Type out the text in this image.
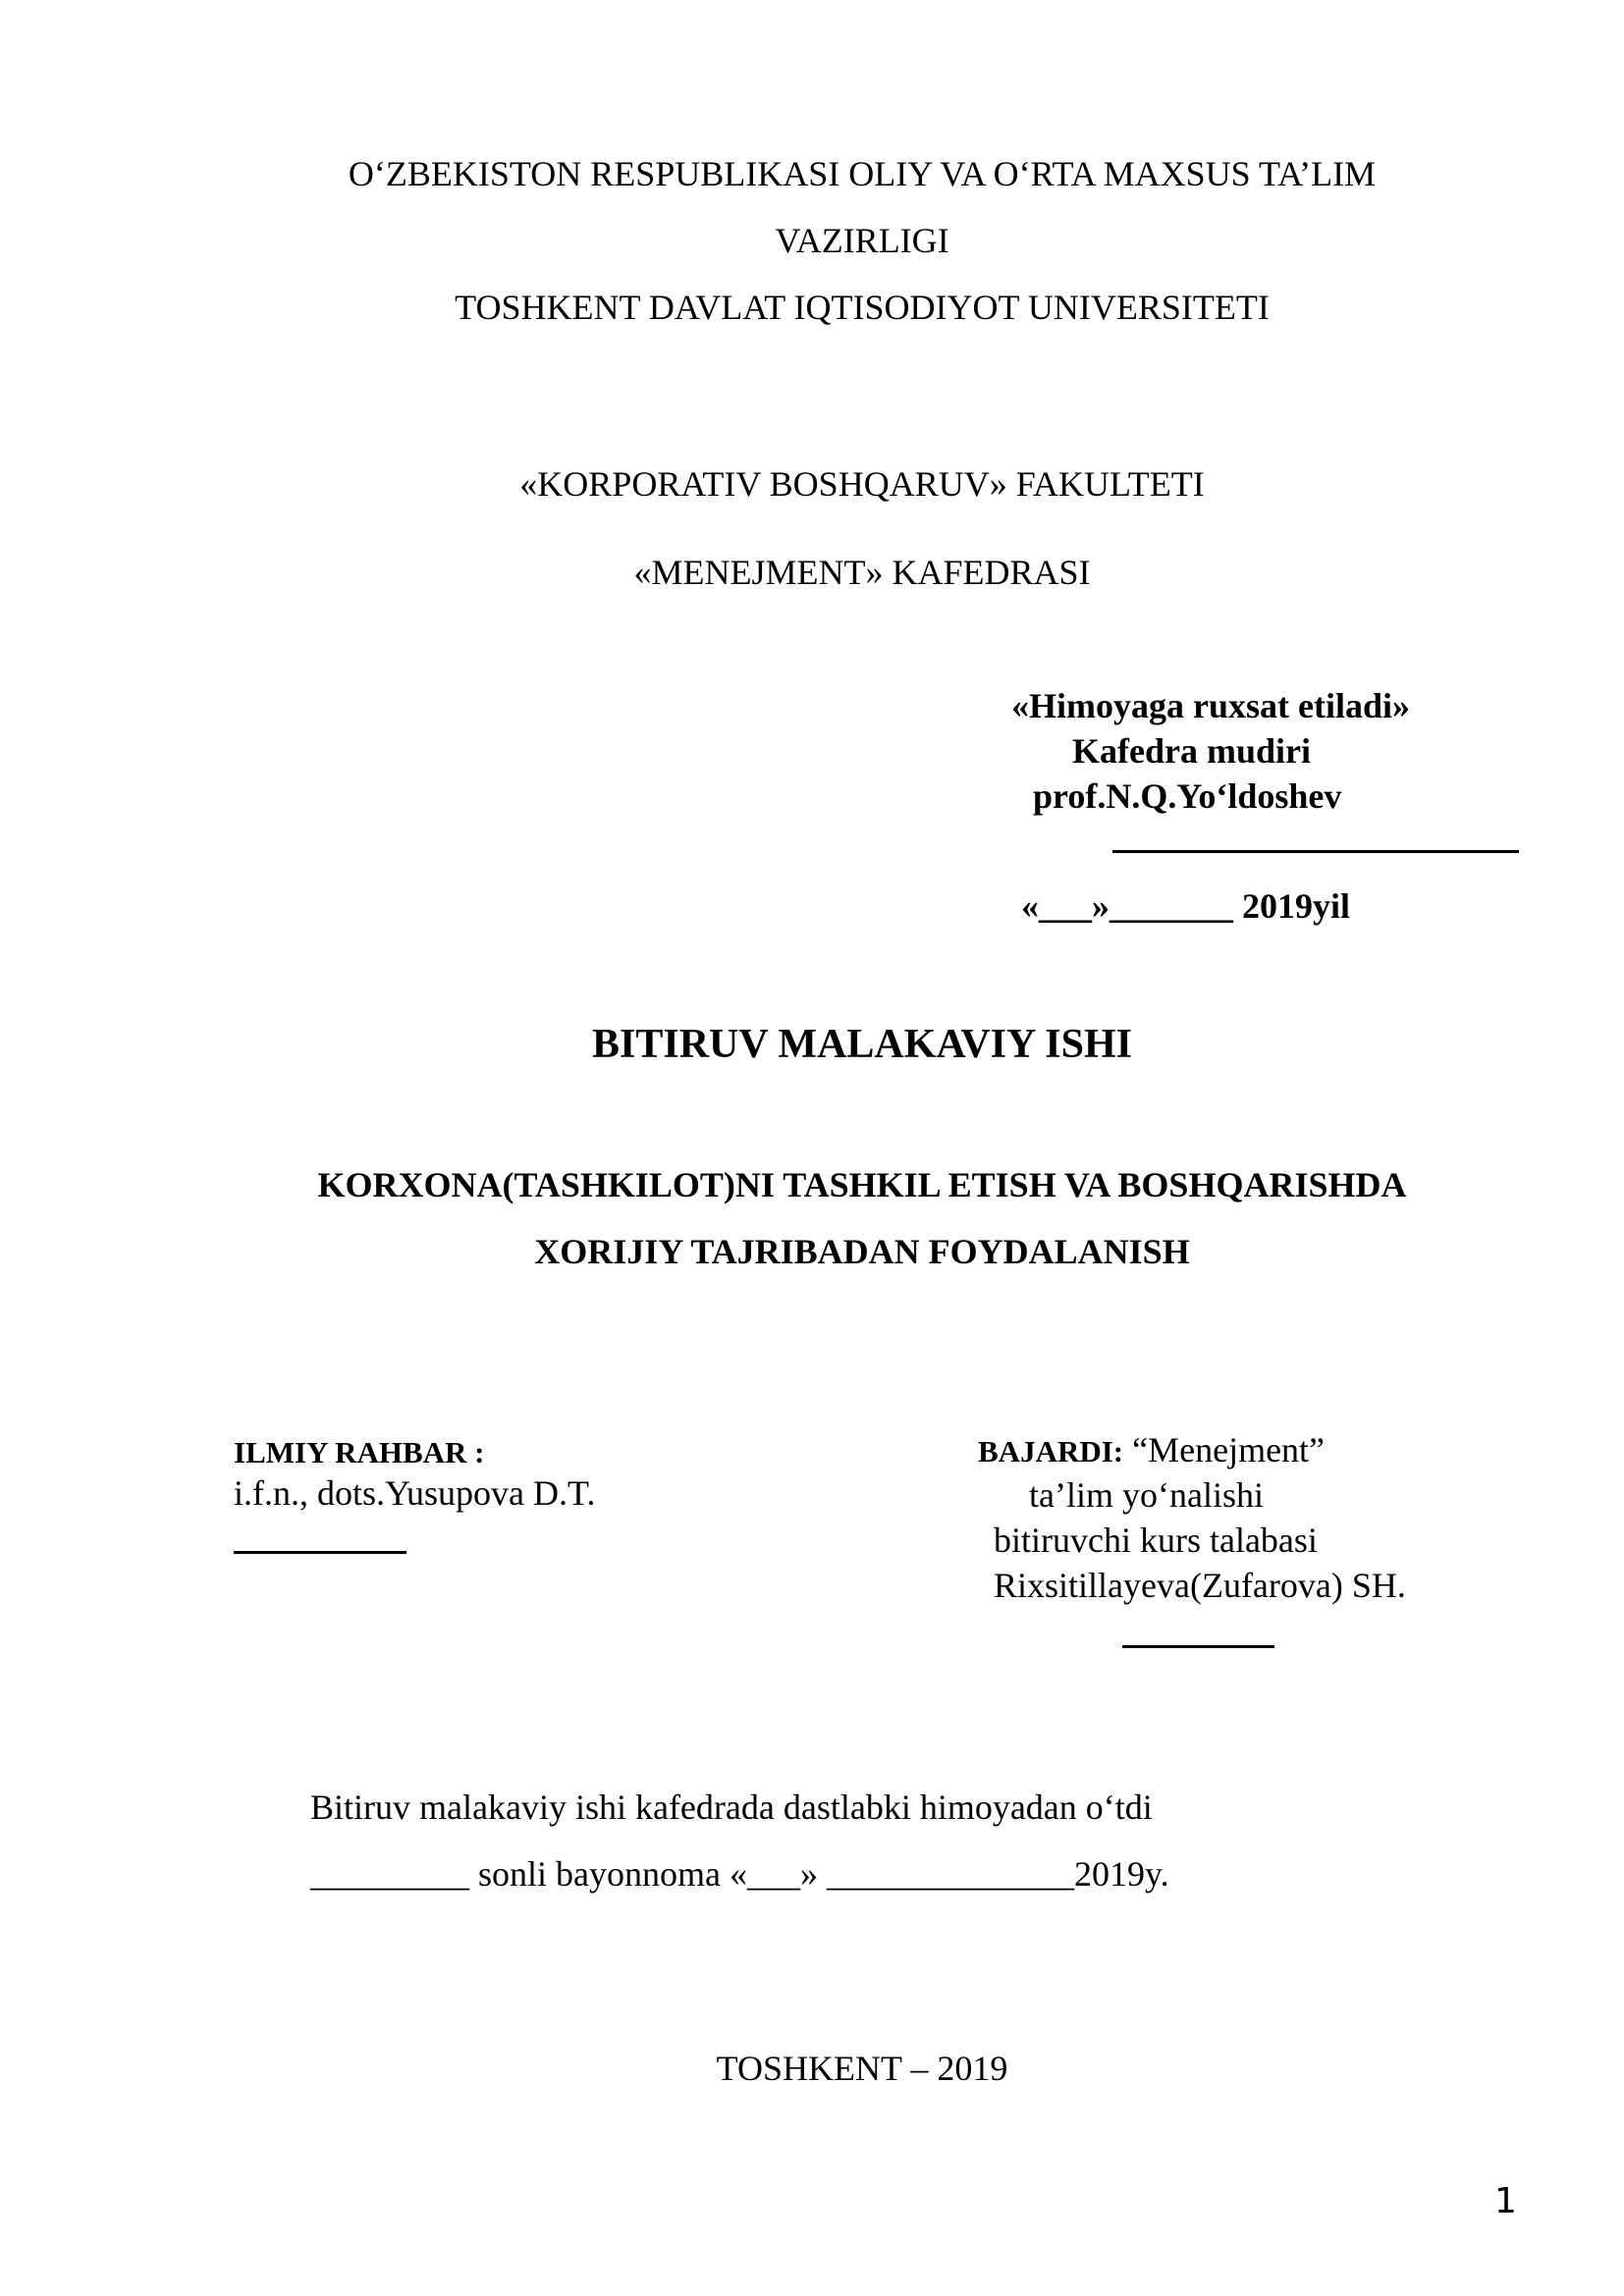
O‘ZBEKISTON RESPUBLIKASI OLIY VA O‘RTA MAXSUS TA’LIM
VAZIRLIGI
TOSHKENT DAVLAT IQTISODIYOT UNIVERSITETI
«KORPORATIV BOSHQARUV» FAKULTETI
«MENEJMENT» KAFEDRASI
«Himoyaga ruxsat etiladi»
Kafedra mudiri
prof.N.Q.Yo‘ldoshev
«___»_______ 2019yil
BITIRUV MALAKAVIY ISHI
KORXONA(TASHKILOT)NI TASHKIL ETISH VA BOSHQARISHDA
XORIJIY TAJRIBADAN FOYDALANISH
ILMIY RAHBAR :
i.f.n., dots.Yusupova D.T.
BAJARDI: “Menejment”
ta’lim yo‘nalishi
bitiruvchi kurs talabasi
Rixsitillayeva(Zufarova) SH.
Bitiruv malakaviy ishi kafedrada dastlabki himoyadan o‘tdi
_________ sonli bayonnoma «___» ______________2019y.
TOSHKENT – 2019
1
